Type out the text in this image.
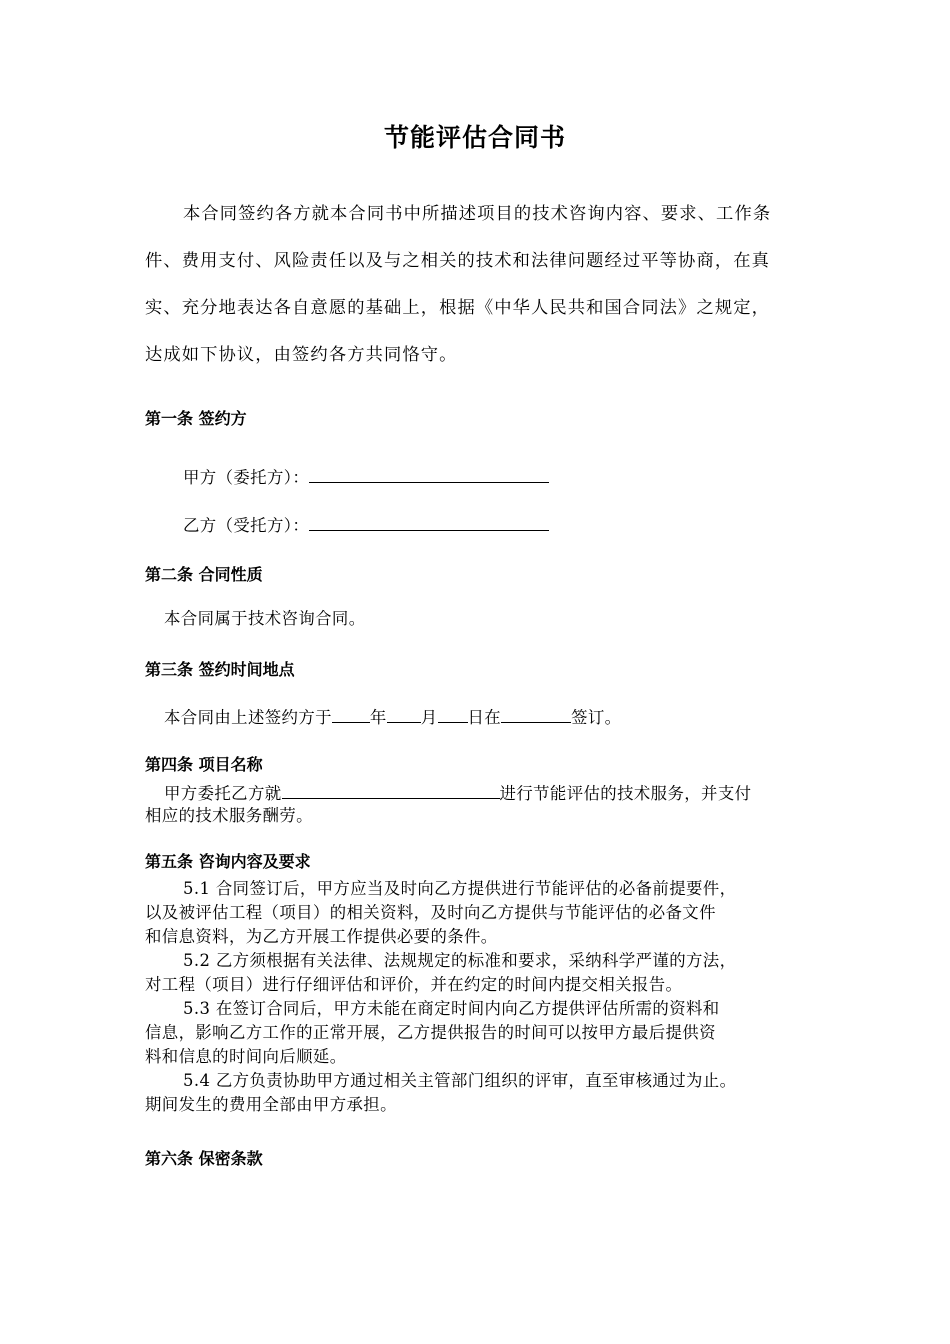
节能评估合同书

本合同签约各方就本合同书中所描述项目的技术咨询内容、要求、工作条

件、费用支付、风险责任以及与之相关的技术和法律问题经过平等协商，在真

实、充分地表达各自意愿的基础上，根据《中华人民共和国合同法》之规定，

达成如下协议，由签约各方共同恪守。

第一条 签约方
甲方（委托方）：
乙方（受托方）：
第二条 合同性质

本合同属于技术咨询合同。

第三条 签约时间地点
本合同由上述签约方于 年 月 日在	签订。
第四条 项目名称
甲方委托乙方就	进行节能评估的技术服务，并支付

相应的技术服务酬劳。

第五条 咨询内容及要求

5.1 合同签订后，甲方应当及时向乙方提供进行节能评估的必备前提要件，

以及被评估工程（项目）的相关资料，及时向乙方提供与节能评估的必备文件

和信息资料，为乙方开展工作提供必要的条件。

5.2 乙方须根据有关法律、法规规定的标准和要求，采纳科学严谨的方法，

对工程（项目）进行仔细评估和评价，并在约定的时间内提交相关报告。

5.3 在签订合同后，甲方未能在商定时间内向乙方提供评估所需的资料和

信息，影响乙方工作的正常开展，乙方提供报告的时间可以按甲方最后提供资

料和信息的时间向后顺延。

5.4 乙方负责协助甲方通过相关主管部门组织的评审，直至审核通过为止。

期间发生的费用全部由甲方承担。

第六条 保密条款
